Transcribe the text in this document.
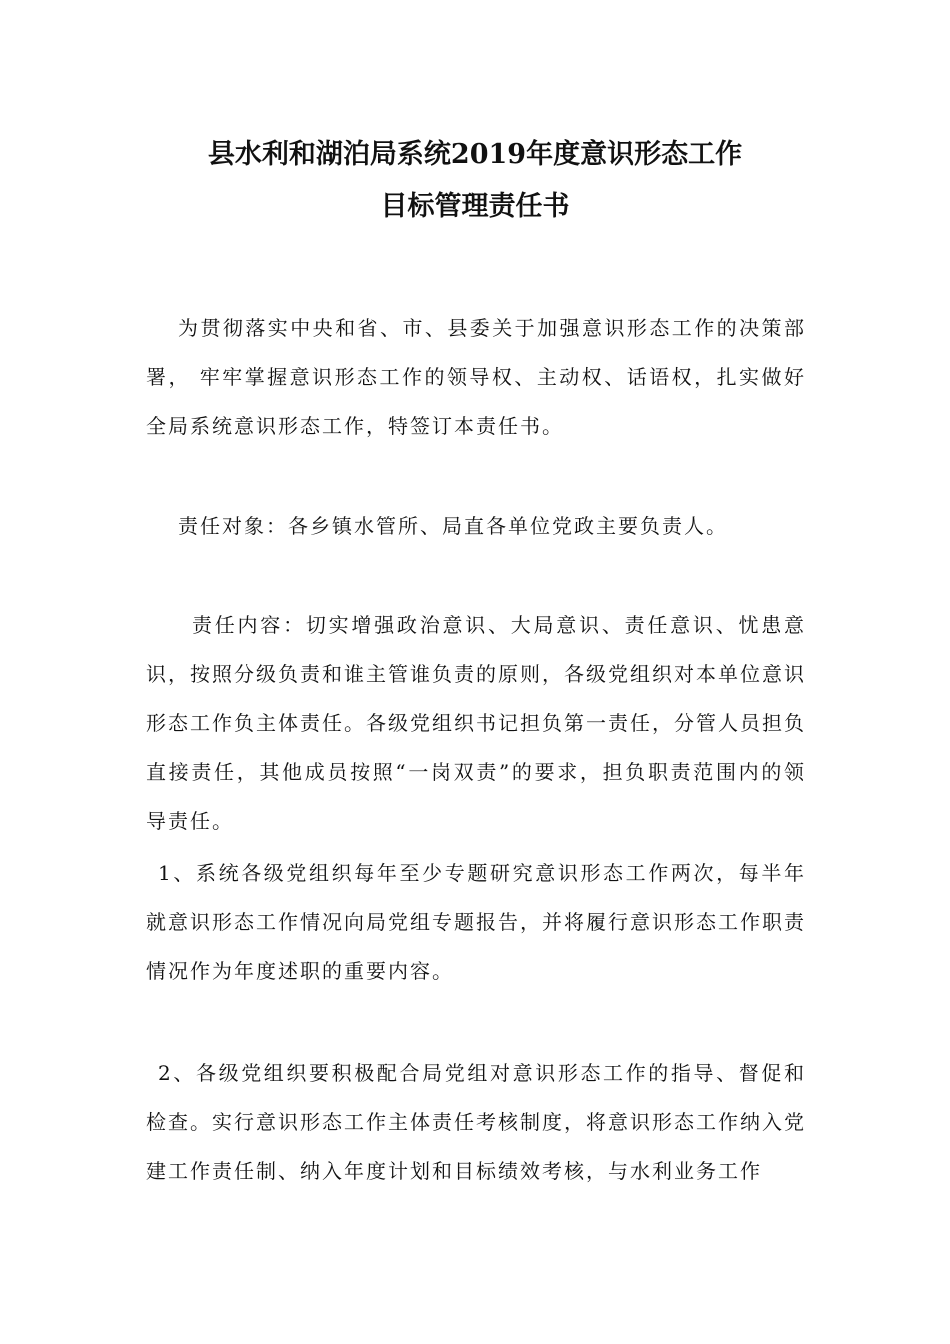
县水利和湖泊局系统2019年度意识形态工作
目标管理责任书
为贯彻落实中央和省、市、县委关于加强意识形态工作的决策部署， 牢牢掌握意识形态工作的领导权、主动权、话语权，扎实做好全局系统意识形态工作，特签订本责任书。
责任对象：各乡镇水管所、局直各单位党政主要负责人。
责任内容：切实增强政治意识、大局意识、责任意识、忧患意识，按照分级负责和谁主管谁负责的原则，各级党组织对本单位意识形态工作负主体责任。各级党组织书记担负第一责任，分管人员担负直接责任，其他成员按照“一岗双责”的要求，担负职责范围内的领导责任。
1、系统各级党组织每年至少专题研究意识形态工作两次，每半年就意识形态工作情况向局党组专题报告，并将履行意识形态工作职责情况作为年度述职的重要内容。
2、各级党组织要积极配合局党组对意识形态工作的指导、督促和检查。实行意识形态工作主体责任考核制度，将意识形态工作纳入党建工作责任制、纳入年度计划和目标绩效考核，与水利业务工作
